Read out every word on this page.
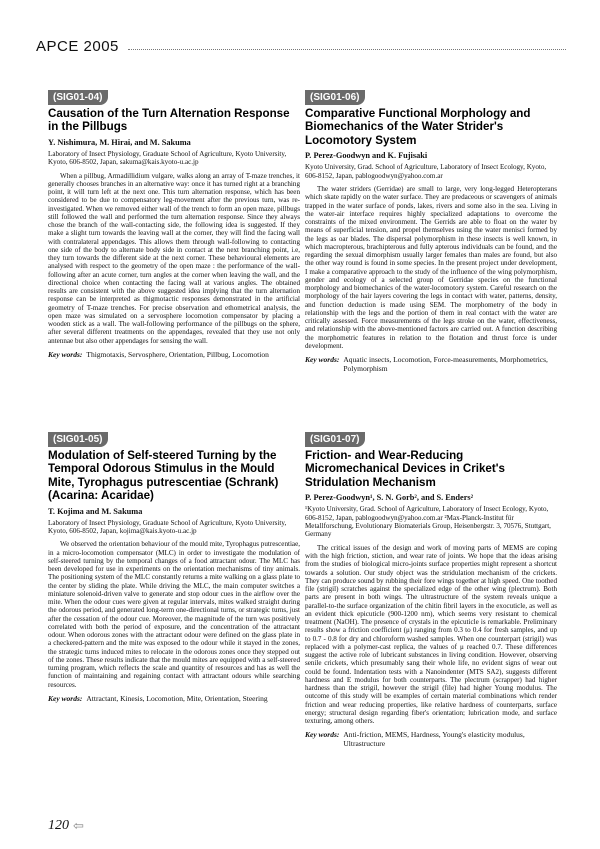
APCE 2005
(SIG01-04)
Causation of the Turn Alternation Response in the Pillbugs
Y. Nishimura, M. Hirai, and M. Sakuma
Laboratory of Insect Physiology, Graduate School of Agriculture, Kyoto University, Kyoto, 606-8502, Japan, sakuma@kais.kyoto-u.ac.jp

When a pillbug, Armadillidium vulgare, walks along an array of T-maze trenches, it generally chooses branches in an alternative way: once it has turned right at a branching point, it will turn left at the next one. This turn alternation response, which has been considered to be due to compensatory leg-movement after the previous turn, was re-investigated. When we removed either wall of the trench to form an open maze, pillbugs still followed the wall and performed the turn alternation response. Since they always chose the branch of the wall-contacting side, the following idea is suggested. If they make a slight turn towards the leaving wall at the corner, they will find the facing wall with contralateral appendages. This allows them through wall-following to contacting one side of the body to alternate body side in contact at the next branching point, i.e, they turn towards the different side at the next corner. These behavioural elements are analysed with respect to the geometry of the open maze : the performance of the wall-following after an acute corner, turn angles at the corner when leaving the wall, and the directional choice when contacting the facing wall at various angles. The obtained results are consistent with the above suggested idea implying that the turn alternation response can be interpreted as thigmotactic responses demonstrated in the artificial geometry of T-maze trenches. For precise observation and ethometrical analysis, the open maze was simulated on a servosphere locomotion compensator by placing a wooden stick as a wall. The wall-following performance of the pillbugs on the sphere, after several different treatments on the appendages, revealed that they use not only antennae but also other appendages for sensing the wall.

Key words: Thigmotaxis, Servosphere, Orientation, Pillbug, Locomotion
(SIG01-05)
Modulation of Self-steered Turning by the Temporal Odorous Stimulus in the Mould Mite, Tyrophagus putrescentiae (Schrank) (Acarina: Acaridae)
T. Kojima and M. Sakuma
Laboratory of Insect Physiology, Graduate School of Agriculture, Kyoto University, Kyoto, 606-8502, Japan, kojima@kais.kyoto-u.ac.jp

We observed the orientation behaviour of the mould mite, Tyrophagus putrescentiae, in a micro-locomotion compensator (MLC) in order to investigate the modulation of self-steered turning by the temporal changes of a food attractant odour. The MLC has been developed for use in experiments on the orientation mechanisms of tiny animals. The positioning system of the MLC constantly returns a mite walking on a glass plate to the center by sliding the plate. While driving the MLC, the main computer switches a miniature solenoid-driven valve to generate and stop odour cues in the airflow over the mite. When the odour cues were given at regular intervals, mites walked straight during the odorous period, and generated long-term one-directional turns, or strategic turns, just after the cessation of the odour cue. Moreover, the magnitude of the turn was positively correlated with both the period of exposure, and the concentration of the attractant odour. When odorous zones with the attractant odour were defined on the glass plate in a checkered-pattern and the mite was exposed to the odour while it stayed in the zones, the strategic turns induced mites to relocate in the odorous zones once they stepped out of the zones. These results indicate that the mould mites are equipped with a self-steered turning program, which reflects the scale and quantity of resources and has as well the function of maintaining and regaining contact with attractant odours while searching resources.

Key words: Attractant, Kinesis, Locomotion, Mite, Orientation, Steering
(SIG01-06)
Comparative Functional Morphology and Biomechanics of the Water Strider's Locomotory System
P. Perez-Goodwyn and K. Fujisaki
Kyoto University, Grad. School of Agriculture, Laboratory of Insect Ecology, Kyoto, 606-8152, Japan, pablogoodwyn@yahoo.com.ar

The water striders (Gerridae) are small to large, very long-legged Heteropterans which skate rapidly on the water surface. They are predaceous or scavengers of animals trapped in the water surface of ponds, lakes, rivers and some also in the sea. Living in the water-air interface requires highly specialized adaptations to overcome the constraints of the mixed environment. The Gerrids are able to float on the water by means of superficial tension, and propel themselves using the water menisci formed by the legs as oar blades. The dispersal polymorphism in these insects is well known, in which macropterous, brachipterous and fully apterous individuals can be found, and the regarding the sexual dimorphism usually larger females than males are found, but also the other way round is found in some species. In the present project under development, I make a comparative approach to the study of the influence of the wing polymorphism, gender and ecology of a selected group of Gerridae species on the functional morphology and biomechanics of the water-locomotory system. Careful research on the morphology of the hair layers covering the legs in contact with water, patterns, density, and function deduction is made using SEM. The morphometry of the body in relationship with the legs and the portion of them in real contact with the water are critically assessed. Force measurements of the legs stroke on the water, effectiveness, and relationship with the above-mentioned factors are carried out. A function describing the morphometric features in relation to the flotation and thrust force is under development.

Key words: Aquatic insects, Locomotion, Force-measurements, Morphometrics, Polymorphism
(SIG01-07)
Friction- and Wear-Reducing Micromechanical Devices in Criket's Stridulation Mechanism
P. Perez-Goodwyn¹, S. N. Gorb², and S. Enders²
¹Kyoto University, Grad. School of Agriculture, Laboratory of Insect Ecology, Kyoto, 606-8152, Japan, pablogoodwyn@yahoo.com.ar ²Max-Planck-Institut für Metallforschung, Evolutionary Biomaterials Group, Heisenbergstr. 3, 70576, Stuttgart, Germany

The critical issues of the design and work of moving parts of MEMS are coping with the high friction, stiction, and wear rate of joints. We hope that the ideas arising from the studies of biological micro-joints surface properties might represent a shortcut towards a solution. Our study object was the stridulation mechanism of the crickets. They can produce sound by rubbing their fore wings together at high speed. One toothed file (strigil) scratches against the specialized edge of the other wing (plectrum). Both parts are present in both wings. The ultrastructure of the system reveals unique a parallel-to-the surface organization of the chitin fibril layers in the exocuticle, as well as an evident thick epicuticle (900-1200 nm), which seems very resistant to chemical treatment (NaOH). The presence of crystals in the epicuticle is remarkable. Preliminary results show a friction coefficient (μ) ranging from 0.3 to 0.4 for fresh samples, and up to 0.7 - 0.8 for dry and chloroform washed samples. When one counterpart (strigil) was replaced with a polymer-cast replica, the values of μ reached 0.7. These differences suggest the active role of lubricant substances in living condition. However, observing senile crickets, which presumably sang their whole life, no evident signs of wear out could be found. Indentation tests with a Nanoindenter (MTS SA2), suggests different hardness and E modulus for both counterparts. The plectrum (scrapper) had higher hardness than the strigil, however the strigil (file) had higher Young modulus. The outcome of this study will be examples of certain material combinations which render friction and wear reducing properties, like relative hardness of counterparts, surface energy; structural design regarding fiber's orientation; lubrication mode, and surface texturing, among others.

Key words: Anti-friction, MEMS, Hardness, Young's elasticity modulus, Ultrastructure
120 ⇦
